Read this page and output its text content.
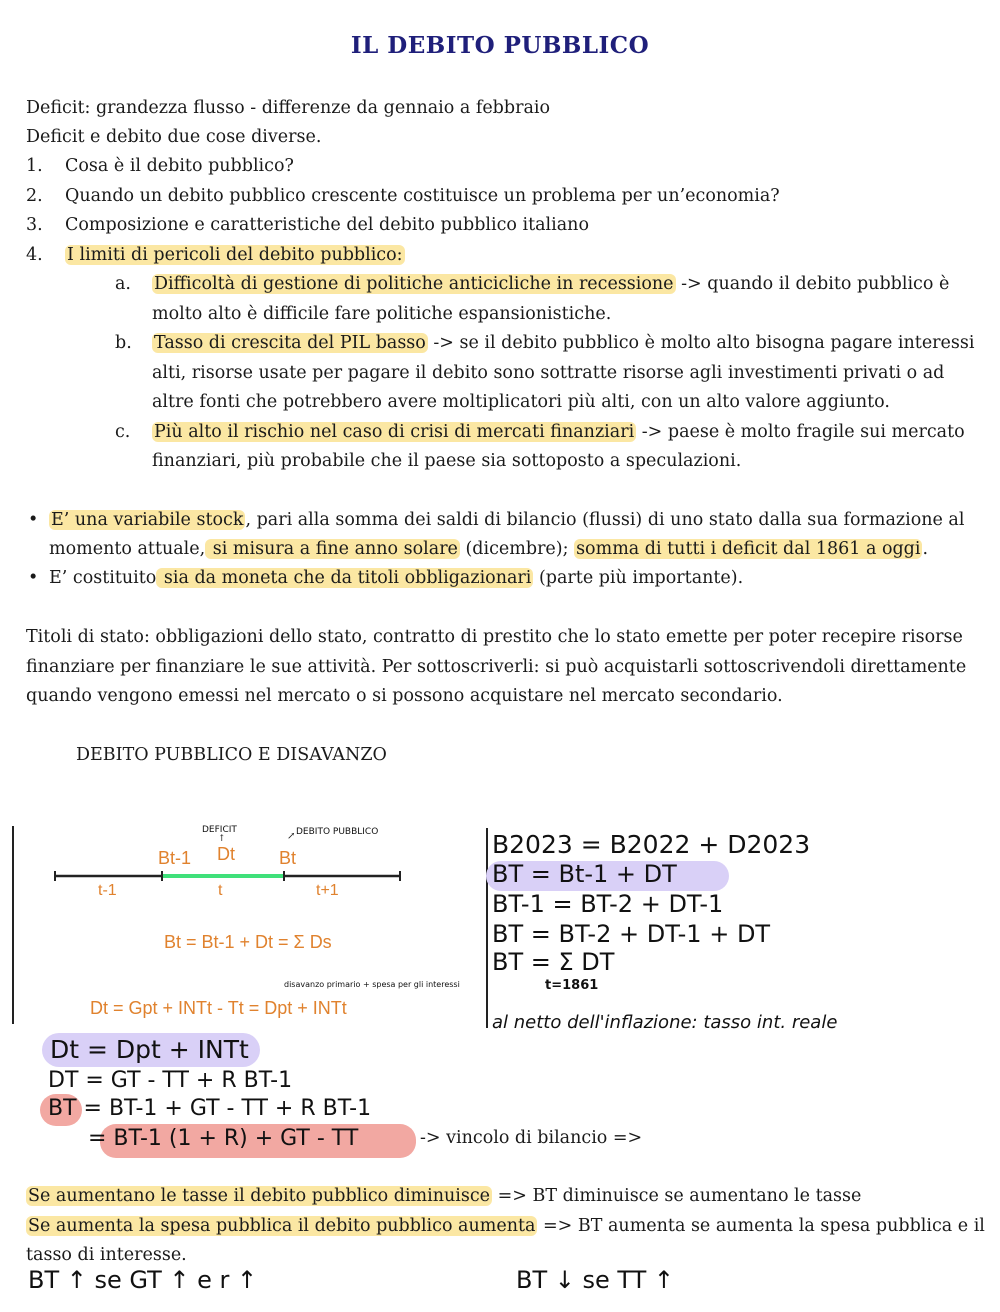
IL DEBITO PUBBLICO
Deficit: grandezza flusso - differenze da gennaio a febbraio
Deficit e debito due cose diverse.
1. Cosa è il debito pubblico?
2. Quando un debito pubblico crescente costituisce un problema per un’economia?
3. Composizione e caratteristiche del debito pubblico italiano
4. I limiti di pericoli del debito pubblico:
a. Difficoltà di gestione di politiche anticicliche in recessione -> quando il debito pubblico è
molto alto è difficile fare politiche espansionistiche.
b. Tasso di crescita del PIL basso -> se il debito pubblico è molto alto bisogna pagare interessi
alti, risorse usate per pagare il debito sono sottratte risorse agli investimenti privati o ad
altre fonti che potrebbero avere moltiplicatori più alti, con un alto valore aggiunto.
c. Più alto il rischio nel caso di crisi di mercati finanziari -> paese è molto fragile sui mercato
finanziari, più probabile che il paese sia sottoposto a speculazioni.
• E’ una variabile stock , pari alla somma dei saldi di bilancio (flussi) di uno stato dalla sua formazione al
momento attuale, si misura a fine anno solare (dicembre); somma di tutti i deficit dal 1861 a oggi .
• E’ costituito sia da moneta che da titoli obbligazionari (parte più importante).
Titoli di stato: obbligazioni dello stato, contratto di prestito che lo stato emette per poter recepire risorse
finanziare per finanziare le sue attività. Per sottoscriverli: si può acquistarli sottoscrivendoli direttamente
quando vengono emessi nel mercato o si possono acquistare nel mercato secondario.
DEBITO PUBBLICO E DISAVANZO
DEFICIT
↑
DEBITO PUBBLICO
↗
Bt-1 Dt Bt
t-1	t	t+1
Bt = Bt-1 + Dt = Σ Ds
disavanzo primario + spesa per gli interessi
Dt = Gpt + INTt - Tt = Dpt + INTt
B2023 = B2022 + D2023
BT = Bt-1 + DT
BT-1 = BT-2 + DT-1
BT = BT-2 + DT-1 + DT
BT = Σ DT
t=1861
al netto dell'inflazione: tasso int. reale
Dt = Dpt + INTt
DT = GT - TT + R BT-1
BT = BT-1 + GT - TT + R BT-1
= BT-1 (1 + R) + GT - TT	-> vincolo di bilancio =>
Se aumentano le tasse il debito pubblico diminuisce => BT diminuisce se aumentano le tasse
Se aumenta la spesa pubblica il debito pubblico aumenta => BT aumenta se aumenta la spesa pubblica e il
tasso di interesse.
BT ↑ se GT ↑ e r ↑	BT ↓ se TT ↑
